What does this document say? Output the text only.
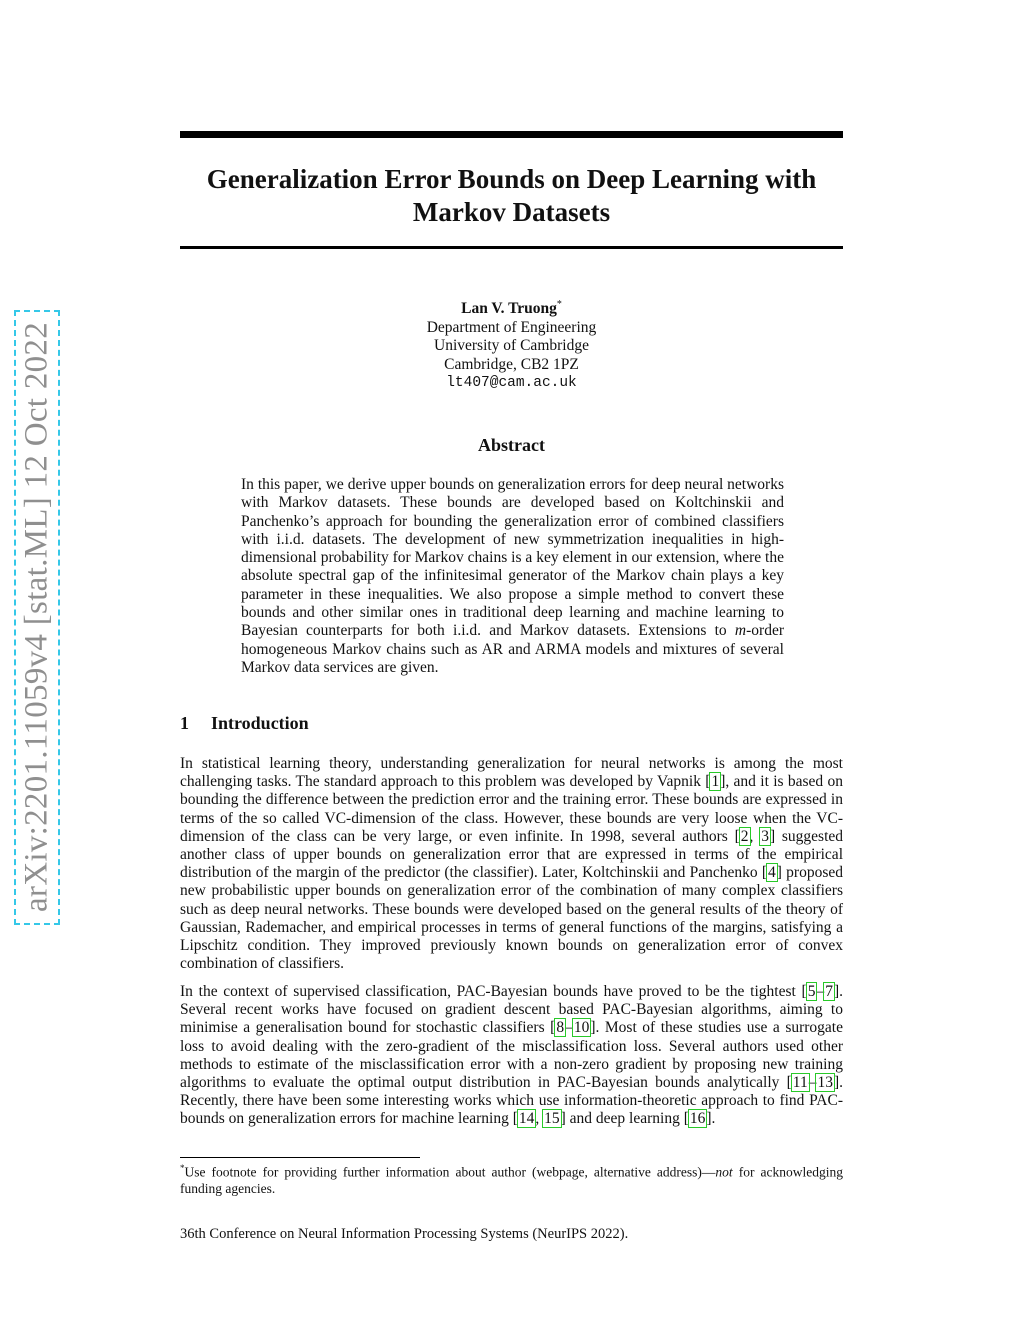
arXiv:2201.11059v4 [stat.ML] 12 Oct 2022
Generalization Error Bounds on Deep Learning with
Markov Datasets
Lan V. Truong*
Department of Engineering
University of Cambridge
Cambridge, CB2 1PZ
lt407@cam.ac.uk
Abstract

In this paper, we derive upper bounds on generalization errors for deep neural networks with Markov datasets. These bounds are developed based on Koltchinskii and Panchenko’s approach for bounding the generalization error of combined classifiers with i.i.d. datasets. The development of new symmetrization inequalities in high-dimensional probability for Markov chains is a key element in our extension, where the absolute spectral gap of the infinitesimal generator of the Markov chain plays a key parameter in these inequalities. We also propose a simple method to convert these bounds and other similar ones in traditional deep learning and machine learning to Bayesian counterparts for both i.i.d. and Markov datasets. Extensions to m-order homogeneous Markov chains such as AR and ARMA models and mixtures of several Markov data services are given.

1 Introduction

In statistical learning theory, understanding generalization for neural networks is among the most challenging tasks. The standard approach to this problem was developed by Vapnik [1], and it is based on bounding the difference between the prediction error and the training error. These bounds are expressed in terms of the so called VC-dimension of the class. However, these bounds are very loose when the VC-dimension of the class can be very large, or even infinite. In 1998, several authors [2, 3] suggested another class of upper bounds on generalization error that are expressed in terms of the empirical distribution of the margin of the predictor (the classifier). Later, Koltchinskii and Panchenko [4] proposed new probabilistic upper bounds on generalization error of the combination of many complex classifiers such as deep neural networks. These bounds were developed based on the general results of the theory of Gaussian, Rademacher, and empirical processes in terms of general functions of the margins, satisfying a Lipschitz condition. They improved previously known bounds on generalization error of convex combination of classifiers.

In the context of supervised classification, PAC-Bayesian bounds have proved to be the tightest [5–7]. Several recent works have focused on gradient descent based PAC-Bayesian algorithms, aiming to minimise a generalisation bound for stochastic classifiers [8–10]. Most of these studies use a surrogate loss to avoid dealing with the zero-gradient of the misclassification loss. Several authors used other methods to estimate of the misclassification error with a non-zero gradient by proposing new training algorithms to evaluate the optimal output distribution in PAC-Bayesian bounds analytically [11–13]. Recently, there have been some interesting works which use information-theoretic approach to find PAC-bounds on generalization errors for machine learning [14, 15] and deep learning [16].

*Use footnote for providing further information about author (webpage, alternative address)—not for acknowledging funding agencies.

36th Conference on Neural Information Processing Systems (NeurIPS 2022).
